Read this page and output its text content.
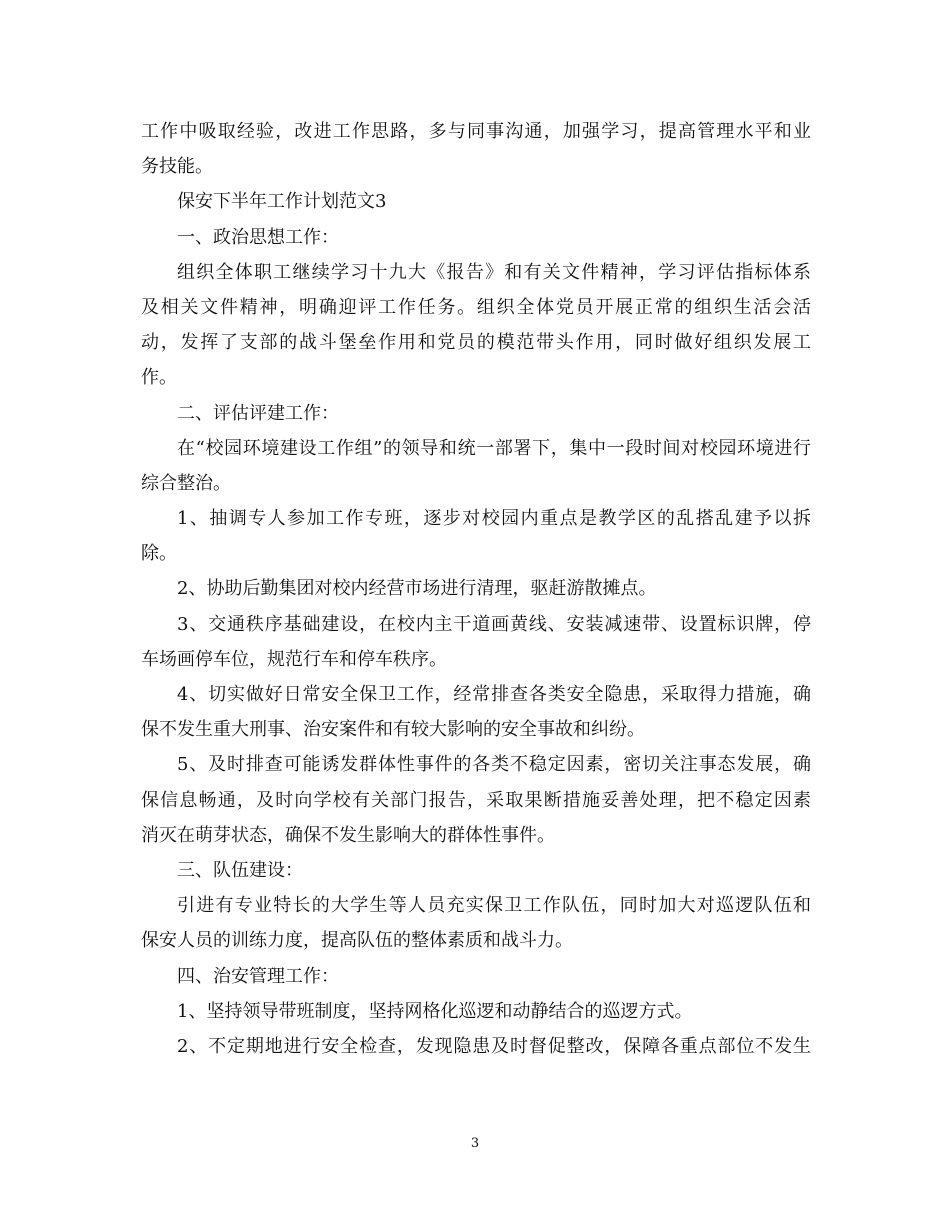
工作中吸取经验，改进工作思路，多与同事沟通，加强学习，提高管理水平和业
务技能。
保安下半年工作计划范文3
一、政治思想工作：
组织全体职工继续学习十九大《报告》和有关文件精神，学习评估指标体系
及相关文件精神，明确迎评工作任务。组织全体党员开展正常的组织生活会活
动，发挥了支部的战斗堡垒作用和党员的模范带头作用，同时做好组织发展工
作。
二、评估评建工作：
在“校园环境建设工作组”的领导和统一部署下，集中一段时间对校园环境进行
综合整治。
1、抽调专人参加工作专班，逐步对校园内重点是教学区的乱搭乱建予以拆
除。
2、协助后勤集团对校内经营市场进行清理，驱赶游散摊点。
3、交通秩序基础建设，在校内主干道画黄线、安装减速带、设置标识牌，停
车场画停车位，规范行车和停车秩序。
4、切实做好日常安全保卫工作，经常排查各类安全隐患，采取得力措施，确
保不发生重大刑事、治安案件和有较大影响的安全事故和纠纷。
5、及时排查可能诱发群体性事件的各类不稳定因素，密切关注事态发展，确
保信息畅通，及时向学校有关部门报告，采取果断措施妥善处理，把不稳定因素
消灭在萌芽状态，确保不发生影响大的群体性事件。
三、队伍建设：
引进有专业特长的大学生等人员充实保卫工作队伍，同时加大对巡逻队伍和
保安人员的训练力度，提高队伍的整体素质和战斗力。
四、治安管理工作：
1、坚持领导带班制度，坚持网格化巡逻和动静结合的巡逻方式。
2、不定期地进行安全检查，发现隐患及时督促整改，保障各重点部位不发生
3
